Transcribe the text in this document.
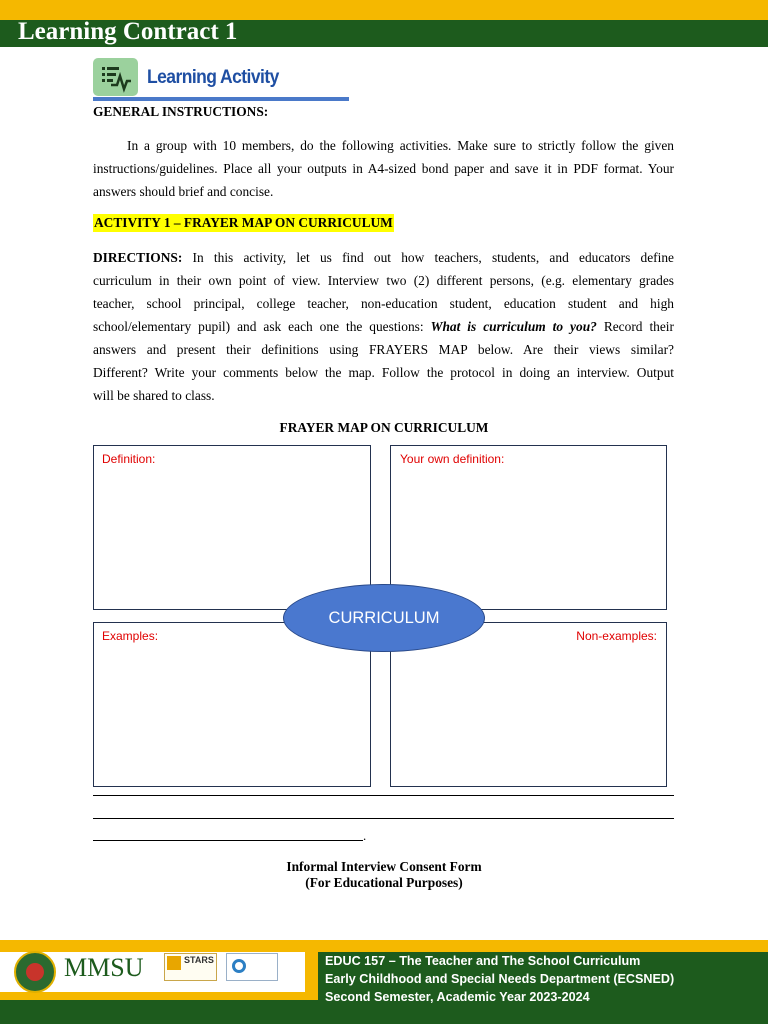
Learning Contract 1
Learning Activity
GENERAL INSTRUCTIONS:
In a group with 10 members, do the following activities. Make sure to strictly follow the given
instructions/guidelines. Place all your outputs in A4-sized bond paper and save it in PDF format. Your
answers should brief and concise.
ACTIVITY 1 – FRAYER MAP ON CURRICULUM
DIRECTIONS: In this activity, let us find out how teachers, students, and educators define
curriculum in their own point of view. Interview two (2) different persons, (e.g. elementary grades
teacher, school principal, college teacher, non-education student, education student and high
school/elementary pupil) and ask each one the questions: What is curriculum to you? Record their
answers and present their definitions using FRAYERS MAP below. Are their views similar?
Different? Write your comments below the map. Follow the protocol in doing an interview. Output
will be shared to class.
FRAYER MAP ON CURRICULUM
Definition:	Your own definition:
Examples:	Non-examples:
CURRICULUM
.
Informal Interview Consent Form
(For Educational Purposes)
MMSU	STARS	EDUC 157 – The Teacher and The School Curriculum
Early Childhood and Special Needs Department (ECSNED)
Second Semester, Academic Year 2023-2024
